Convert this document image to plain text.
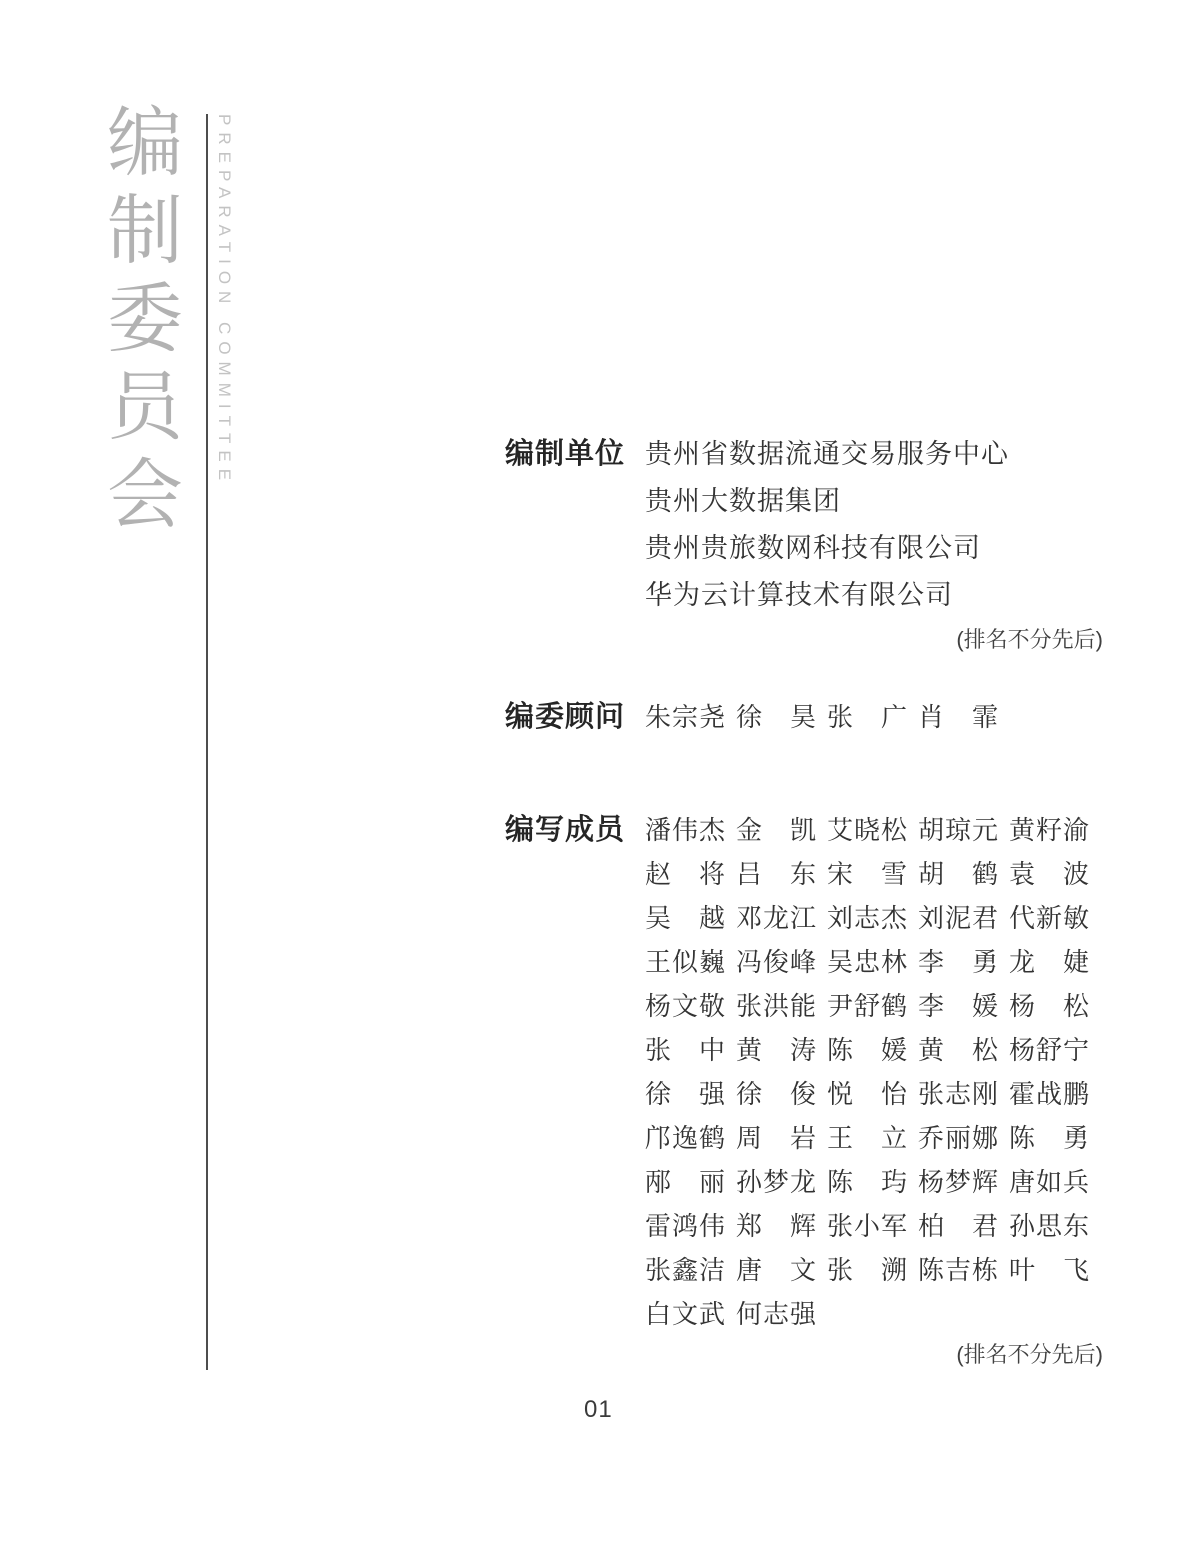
编制委员会
PREPARATION COMMITTEE	编制单位 贵州省数据流通交易服务中心
贵州大数据集团
贵州贵旅数网科技有限公司
华为云计算技术有限公司
(排名不分先后)
编委顾问 朱宗尧 徐昊 张广 肖霏
编写成员 潘伟杰 金凯 艾晓松 胡琼元 黄籽渝
赵将 吕东 宋雪 胡鹤 袁波
吴越 邓龙江 刘志杰 刘泥君 代新敏
王似巍 冯俊峰 吴忠林 李勇 龙婕
杨文敬 张洪能 尹舒鹤 李媛 杨松
张中 黄涛 陈媛 黄松 杨舒宁
徐强 徐俊 悦怡 张志刚 霍战鹏
邝逸鹤 周岩 王立 乔丽娜 陈勇
邴丽 孙梦龙 陈玙 杨梦辉 唐如兵
雷鸿伟 郑辉 张小军 柏君 孙思东
张鑫洁 唐文 张溯 陈吉栋 叶飞
白文武 何志强
(排名不分先后)
01
